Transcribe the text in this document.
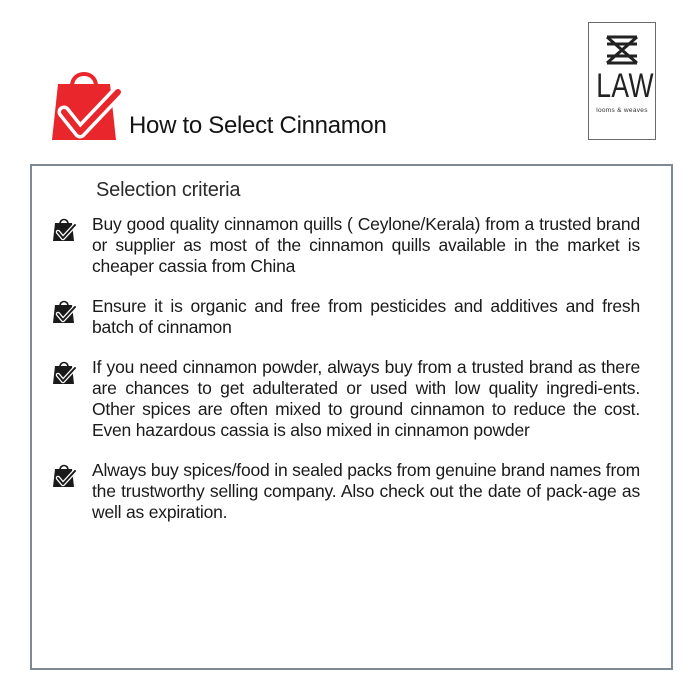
How to Select Cinnamon
LAW
looms & weaves
Selection criteria
Buy good quality cinnamon quills ( Ceylone/Kerala) from a trusted brand or supplier as most of the cinnamon quills available in the market is cheaper cassia from China
Ensure it is organic and free from pesticides and additives and fresh batch of cinnamon
If you need cinnamon powder, always buy from a trusted brand as there are chances to get adulterated or used with low quality ingredi-ents. Other spices are often mixed to ground cinnamon to reduce the cost. Even hazardous cassia is also mixed in cinnamon powder
Always buy spices/food in sealed packs from genuine brand names from the trustworthy selling company. Also check out the date of pack-age as well as expiration.
